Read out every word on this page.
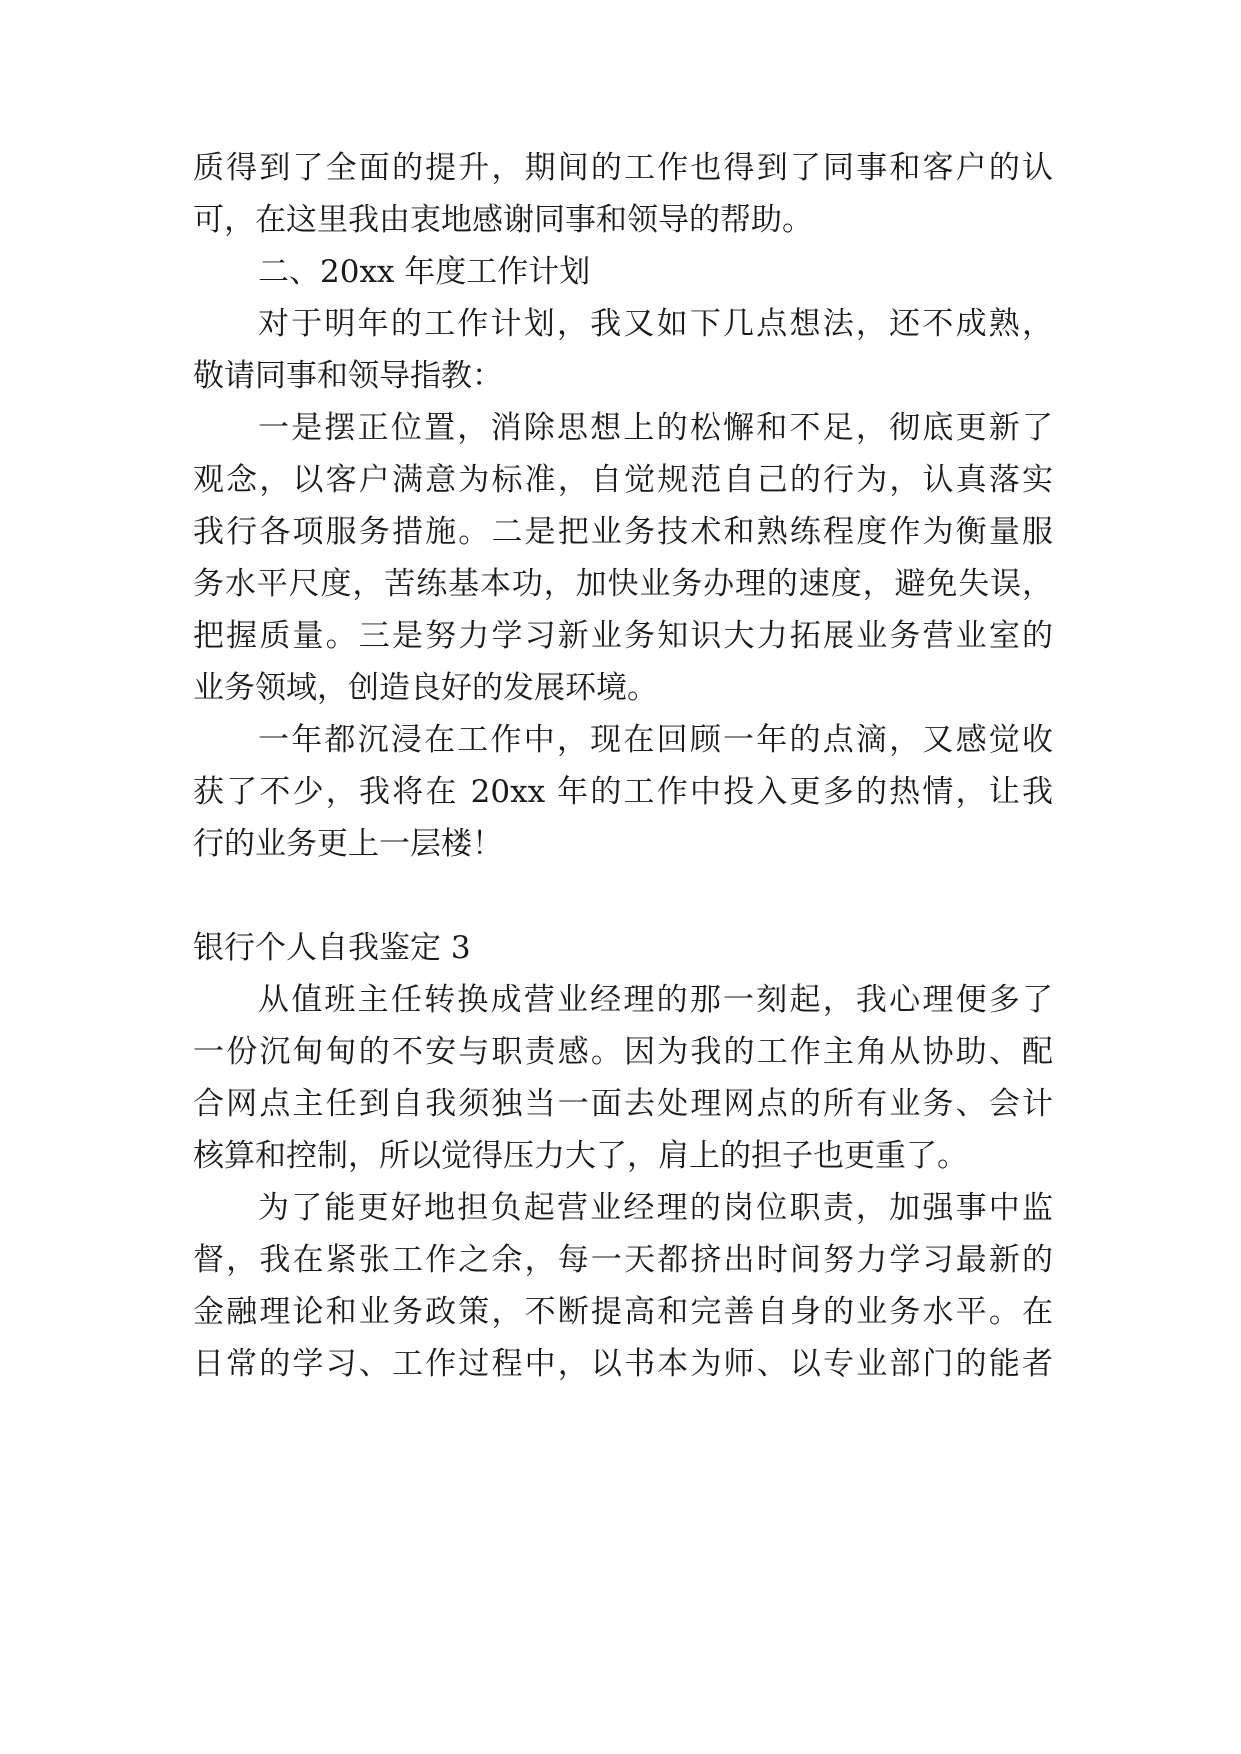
质得到了全面的提升，期间的工作也得到了同事和客户的认
可，在这里我由衷地感谢同事和领导的帮助。
二、20xx 年度工作计划
对于明年的工作计划，我又如下几点想法，还不成熟，
敬请同事和领导指教：
一是摆正位置，消除思想上的松懈和不足，彻底更新了
观念，以客户满意为标准，自觉规范自己的行为，认真落实
我行各项服务措施。二是把业务技术和熟练程度作为衡量服
务水平尺度，苦练基本功，加快业务办理的速度，避免失误，
把握质量。三是努力学习新业务知识大力拓展业务营业室的
业务领域，创造良好的发展环境。
一年都沉浸在工作中，现在回顾一年的点滴，又感觉收
获了不少，我将在 20xx 年的工作中投入更多的热情，让我
行的业务更上一层楼！
银行个人自我鉴定 3
从值班主任转换成营业经理的那一刻起，我心理便多了
一份沉甸甸的不安与职责感。因为我的工作主角从协助、配
合网点主任到自我须独当一面去处理网点的所有业务、会计
核算和控制，所以觉得压力大了，肩上的担子也更重了。
为了能更好地担负起营业经理的岗位职责，加强事中监
督，我在紧张工作之余，每一天都挤出时间努力学习最新的
金融理论和业务政策，不断提高和完善自身的业务水平。在
日常的学习、工作过程中，以书本为师、以专业部门的能者
